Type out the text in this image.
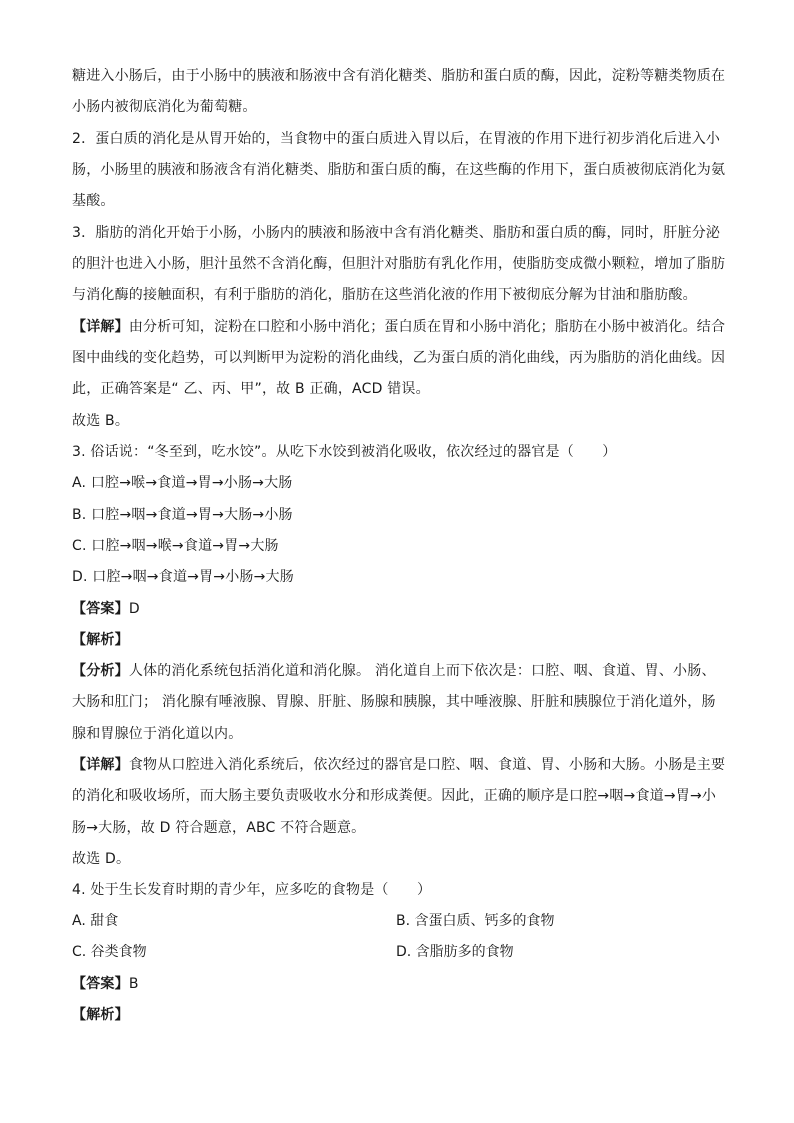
糖进入小肠后，由于小肠中的胰液和肠液中含有消化糖类、脂肪和蛋白质的酶，因此，淀粉等糖类物质在
小肠内被彻底消化为葡萄糖。
2．蛋白质的消化是从胃开始的，当食物中的蛋白质进入胃以后，在胃液的作用下进行初步消化后进入小
肠，小肠里的胰液和肠液含有消化糖类、脂肪和蛋白质的酶，在这些酶的作用下，蛋白质被彻底消化为氨
基酸。
3．脂肪的消化开始于小肠，小肠内的胰液和肠液中含有消化糖类、脂肪和蛋白质的酶，同时，肝脏分泌
的胆汁也进入小肠，胆汁虽然不含消化酶，但胆汁对脂肪有乳化作用，使脂肪变成微小颗粒，增加了脂肪
与消化酶的接触面积，有利于脂肪的消化，脂肪在这些消化液的作用下被彻底分解为甘油和脂肪酸。
【详解】由分析可知，淀粉在口腔和小肠中消化；蛋白质在胃和小肠中消化；脂肪在小肠中被消化。结合
图中曲线的变化趋势，可以判断甲为淀粉的消化曲线，乙为蛋白质的消化曲线，丙为脂肪的消化曲线。因
此，正确答案是“ 乙、丙、甲”，故 B 正确，ACD 错误。
故选 B。
3. 俗话说：“冬至到，吃水饺”。从吃下水饺到被消化吸收，依次经过的器官是（　　）
A. 口腔→喉→食道→胃→小肠→大肠
B. 口腔→咽→食道→胃→大肠→小肠
C. 口腔→咽→喉→食道→胃→大肠
D. 口腔→咽→食道→胃→小肠→大肠
【答案】D
【解析】
【分析】人体的消化系统包括消化道和消化腺。 消化道自上而下依次是：口腔、咽、食道、胃、小肠、
大肠和肛门； 消化腺有唾液腺、胃腺、肝脏、肠腺和胰腺，其中唾液腺、肝脏和胰腺位于消化道外，肠
腺和胃腺位于消化道以内。
【详解】食物从口腔进入消化系统后，依次经过的器官是口腔、咽、食道、胃、小肠和大肠。小肠是主要
的消化和吸收场所，而大肠主要负责吸收水分和形成粪便。因此，正确的顺序是口腔→咽→食道→胃→小
肠→大肠，故 D 符合题意，ABC 不符合题意。
故选 D。
4. 处于生长发育时期的青少年，应多吃的食物是（　　）
A. 甜食	B. 含蛋白质、钙多的食物
C. 谷类食物	D. 含脂肪多的食物
【答案】B
【解析】
